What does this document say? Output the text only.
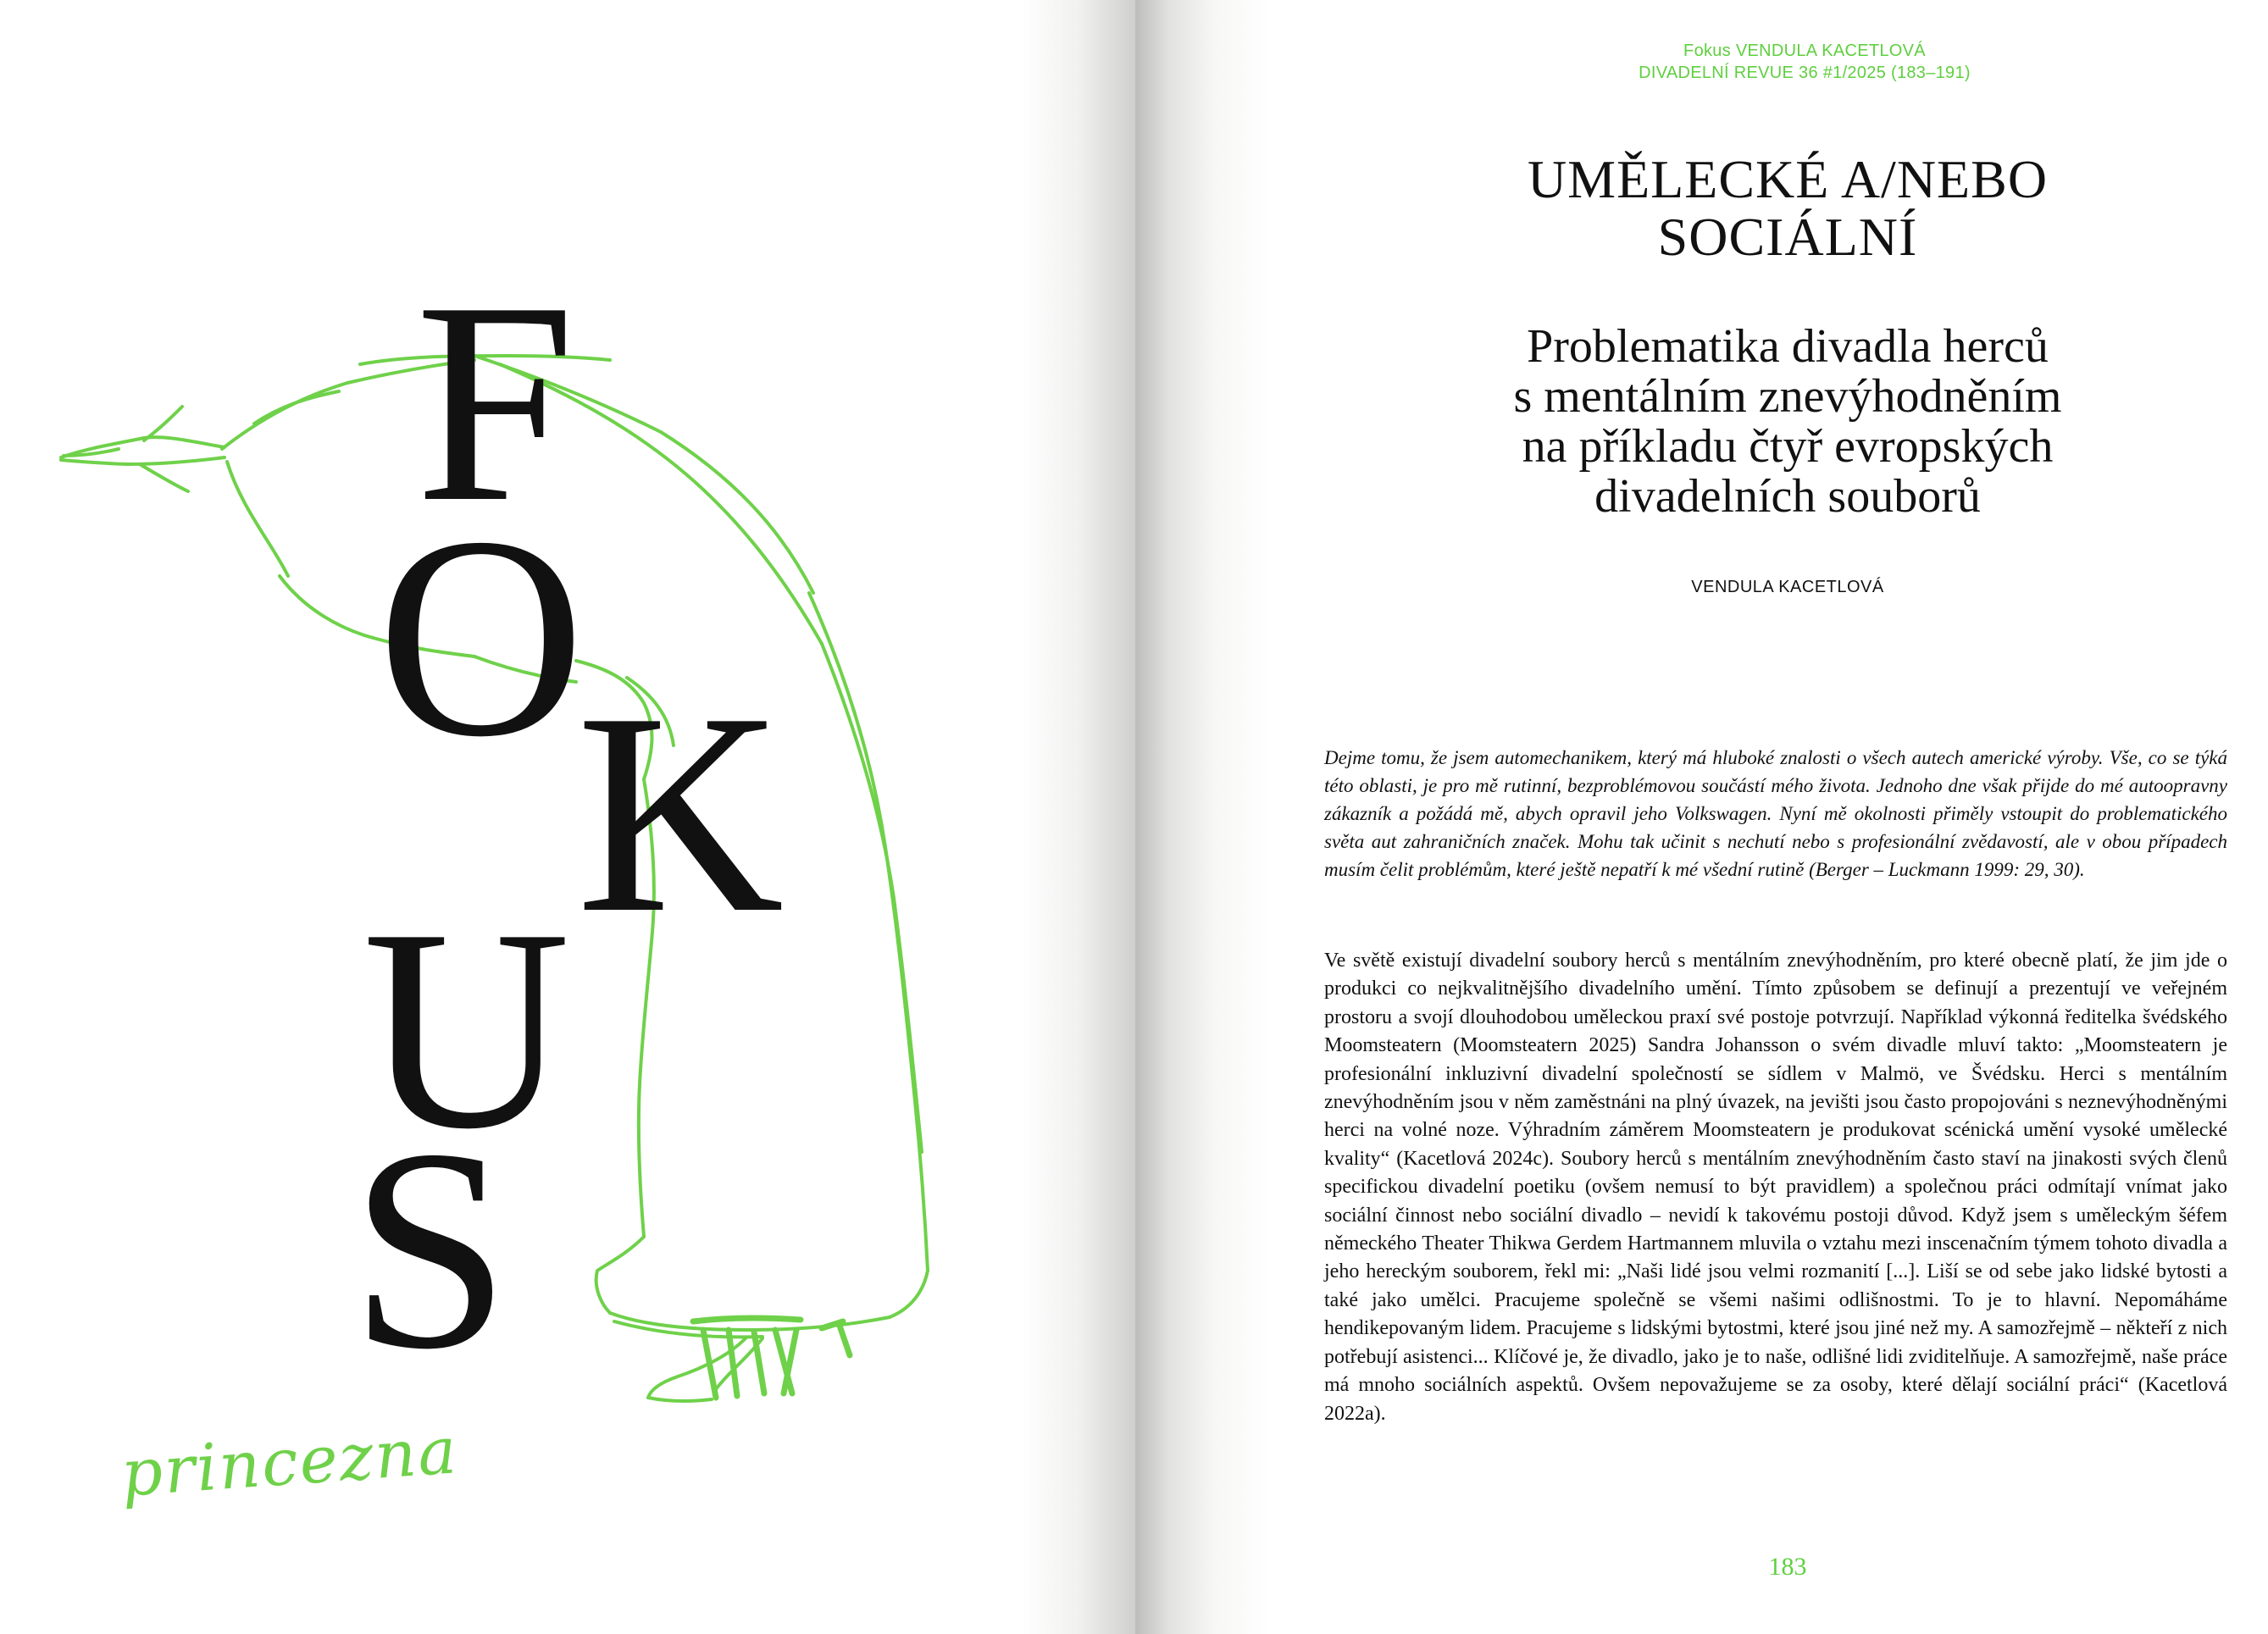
F
O
K
U
S
princezna
Fokus VENDULA KACETLOVÁ
DIVADELNÍ REVUE 36 #1/2025 (183–191)
UMĚLECKÉ A/NEBO
SOCIÁLNÍ
Problematika divadla herců
s mentálním znevýhodněním
na příkladu čtyř evropských
divadelních souborů
VENDULA KACETLOVÁ

Dejme tomu, že jsem automechanikem, který má hluboké znalosti o všech autech americké výroby. Vše, co se týká této oblasti, je pro mě rutinní, bezproblémovou součástí mého života. Jednoho dne však přijde do mé autoopravny zákazník a požádá mě, abych opravil jeho Volkswagen. Nyní mě okolnosti přiměly vstoupit do problematického světa aut zahraničních značek. Mohu tak učinit s nechutí nebo s profesionální zvědavostí, ale v obou případech musím čelit problémům, které ještě nepatří k mé všední rutině (Berger – Luckmann 1999: 29, 30).

Ve světě existují divadelní soubory herců s mentálním znevýhodněním, pro které obecně platí, že jim jde o produkci co nejkvalitnějšího divadelního umění. Tímto způsobem se definují a prezentují ve veřejném prostoru a svojí dlouhodobou uměleckou praxí své postoje potvrzují. Například výkonná ředitelka švédského Moomsteatern (Moomsteatern 2025) Sandra Johansson o svém divadle mluví takto: „Moomsteatern je profesionální inkluzivní divadelní společností se sídlem v Malmö, ve Švédsku. Herci s mentálním znevýhodněním jsou v něm zaměstnáni na plný úvazek, na jevišti jsou často propojováni s neznevýhodněnými herci na volné noze. Výhradním záměrem Moomsteatern je produkovat scénická umění vysoké umělecké kvality“ (Kacetlová 2024c). Soubory herců s mentálním znevýhodněním často staví na jinakosti svých členů specifickou divadelní poetiku (ovšem nemusí to být pravidlem) a společnou práci odmítají vnímat jako sociální činnost nebo sociální divadlo – nevidí k takovému postoji důvod. Když jsem s uměleckým šéfem německého Theater Thikwa Gerdem Hartmannem mluvila o vztahu mezi inscenačním týmem tohoto divadla a jeho hereckým souborem, řekl mi: „Naši lidé jsou velmi rozmanití [...]. Liší se od sebe jako lidské bytosti a také jako umělci. Pracujeme společně se všemi našimi odlišnostmi. To je to hlavní. Nepomáháme hendikepovaným lidem. Pracujeme s lidskými bytostmi, které jsou jiné než my. A samozřejmě – někteří z nich potřebují asistenci... Klíčové je, že divadlo, jako je to naše, odlišné lidi zviditelňuje. A samozřejmě, naše práce má mnoho sociálních aspektů. Ovšem nepovažujeme se za osoby, které dělají sociální práci“ (Kacetlová 2022a).

183
